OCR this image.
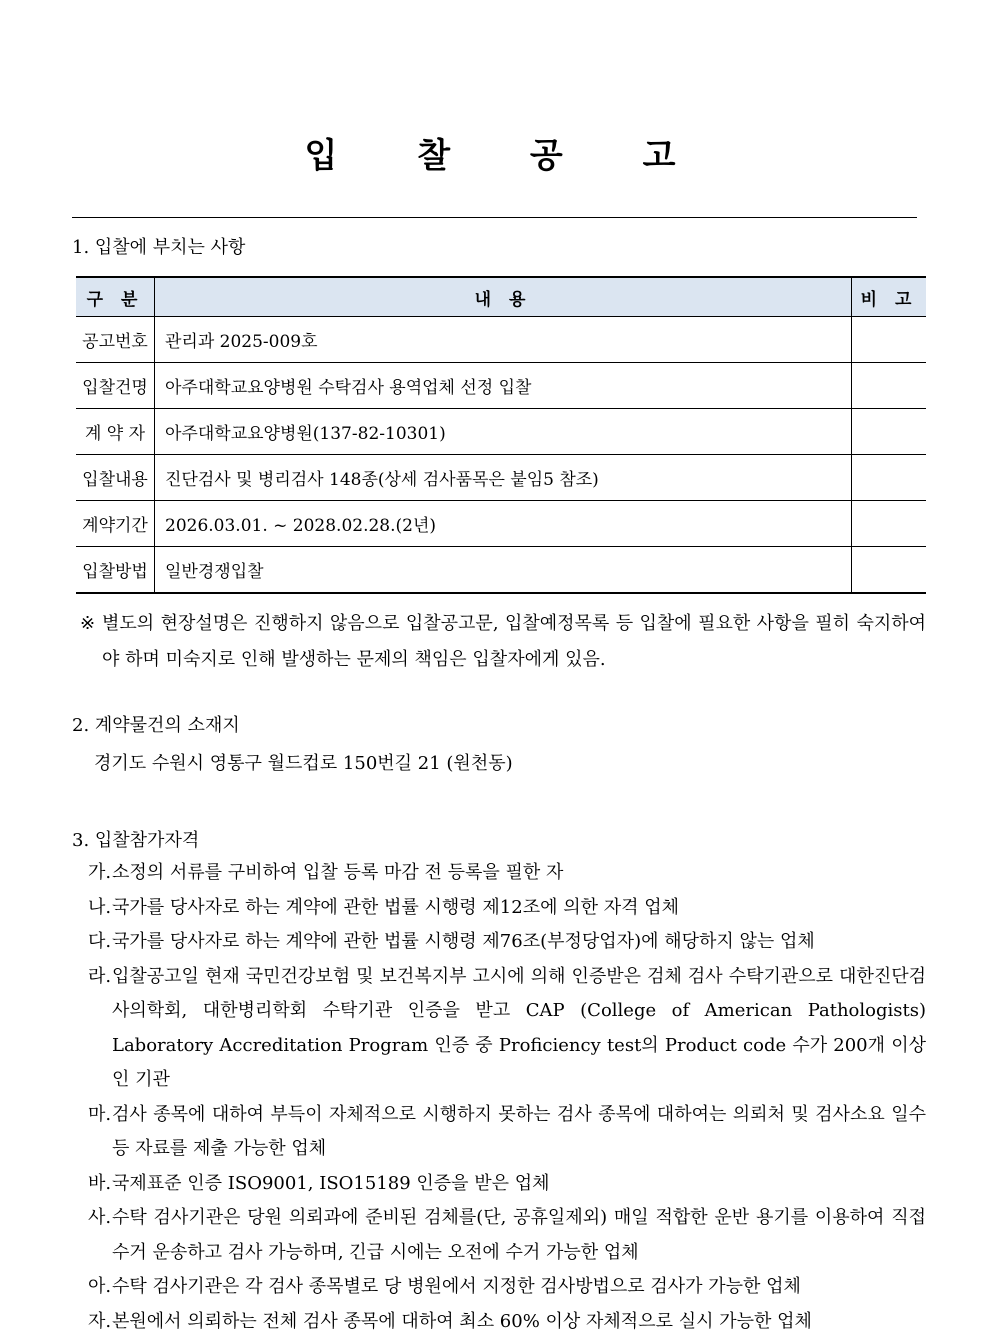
입 찰 공 고
1. 입찰에 부치는 사항
구 분	내 용	비 고
공고번호	관리과 2025-009호	
입찰건명	아주대학교요양병원 수탁검사 용역업체 선정 입찰	
계 약 자	아주대학교요양병원(137-82-10301)	
입찰내용	진단검사 및 병리검사 148종(상세 검사품목은 붙임5 참조)	
계약기간	2026.03.01. ~ 2028.02.28.(2년)	
입찰방법	일반경쟁입찰	
※ 별도의 현장설명은 진행하지 않음으로 입찰공고문, 입찰예정목록 등 입찰에 필요한 사항을 필히 숙지하여야 하며 미숙지로 인해 발생하는 문제의 책임은 입찰자에게 있음.
2. 계약물건의 소재지
경기도 수원시 영통구 월드컵로 150번길 21 (원천동)
3. 입찰참가자격
가. 소정의 서류를 구비하여 입찰 등록 마감 전 등록을 필한 자
나. 국가를 당사자로 하는 계약에 관한 법률 시행령 제12조에 의한 자격 업체
다. 국가를 당사자로 하는 계약에 관한 법률 시행령 제76조(부정당업자)에 해당하지 않는 업체
라. 입찰공고일 현재 국민건강보험 및 보건복지부 고시에 의해 인증받은 검체 검사 수탁기관으로 대한진단검사의학회, 대한병리학회 수탁기관 인증을 받고 CAP (College of American Pathologists) Laboratory Accreditation Program 인증 중 Proficiency test의 Product code 수가 200개 이상인 기관
마. 검사 종목에 대하여 부득이 자체적으로 시행하지 못하는 검사 종목에 대하여는 의뢰처 및 검사소요 일수 등 자료를 제출 가능한 업체
바. 국제표준 인증 ISO9001, ISO15189 인증을 받은 업체
사. 수탁 검사기관은 당원 의뢰과에 준비된 검체를(단, 공휴일제외) 매일 적합한 운반 용기를 이용하여 직접 수거 운송하고 검사 가능하며, 긴급 시에는 오전에 수거 가능한 업체
아. 수탁 검사기관은 각 검사 종목별로 당 병원에서 지정한 검사방법으로 검사가 가능한 업체
자. 본원에서 의뢰하는 전체 검사 종목에 대하여 최소 60% 이상 자체적으로 실시 가능한 업체
